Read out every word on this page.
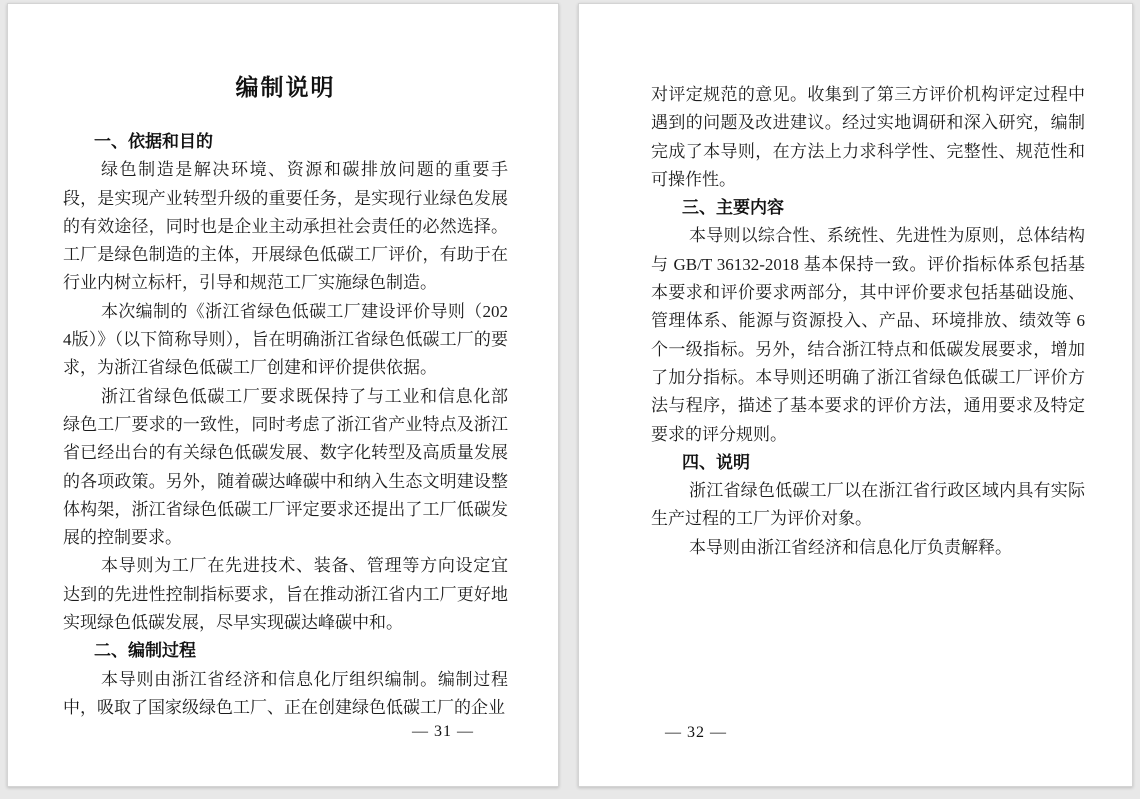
编制说明
一、依据和目的

绿色制造是解决环境、资源和碳排放问题的重要手段，是实现产业转型升级的重要任务，是实现行业绿色发展的有效途径，同时也是企业主动承担社会责任的必然选择。工厂是绿色制造的主体，开展绿色低碳工厂评价，有助于在行业内树立标杆，引导和规范工厂实施绿色制造。

本次编制的《浙江省绿色低碳工厂建设评价导则（2024版）》（以下简称导则），旨在明确浙江省绿色低碳工厂的要求，为浙江省绿色低碳工厂创建和评价提供依据。

浙江省绿色低碳工厂要求既保持了与工业和信息化部绿色工厂要求的一致性，同时考虑了浙江省产业特点及浙江省已经出台的有关绿色低碳发展、数字化转型及高质量发展的各项政策。另外，随着碳达峰碳中和纳入生态文明建设整体构架，浙江省绿色低碳工厂评定要求还提出了工厂低碳发展的控制要求。

本导则为工厂在先进技术、装备、管理等方向设定宜达到的先进性控制指标要求，旨在推动浙江省内工厂更好地实现绿色低碳发展，尽早实现碳达峰碳中和。

二、编制过程

本导则由浙江省经济和信息化厅组织编制。编制过程中，吸取了国家级绿色工厂、正在创建绿色低碳工厂的企业

— 31 —

对评定规范的意见。收集到了第三方评价机构评定过程中遇到的问题及改进建议。经过实地调研和深入研究，编制完成了本导则，在方法上力求科学性、完整性、规范性和可操作性。

三、主要内容

本导则以综合性、系统性、先进性为原则，总体结构与 GB/T 36132-2018 基本保持一致。评价指标体系包括基本要求和评价要求两部分，其中评价要求包括基础设施、管理体系、能源与资源投入、产品、环境排放、绩效等 6 个一级指标。另外，结合浙江特点和低碳发展要求，增加了加分指标。本导则还明确了浙江省绿色低碳工厂评价方法与程序，描述了基本要求的评价方法，通用要求及特定要求的评分规则。

四、说明

浙江省绿色低碳工厂以在浙江省行政区域内具有实际生产过程的工厂为评价对象。

本导则由浙江省经济和信息化厅负责解释。

— 32 —
